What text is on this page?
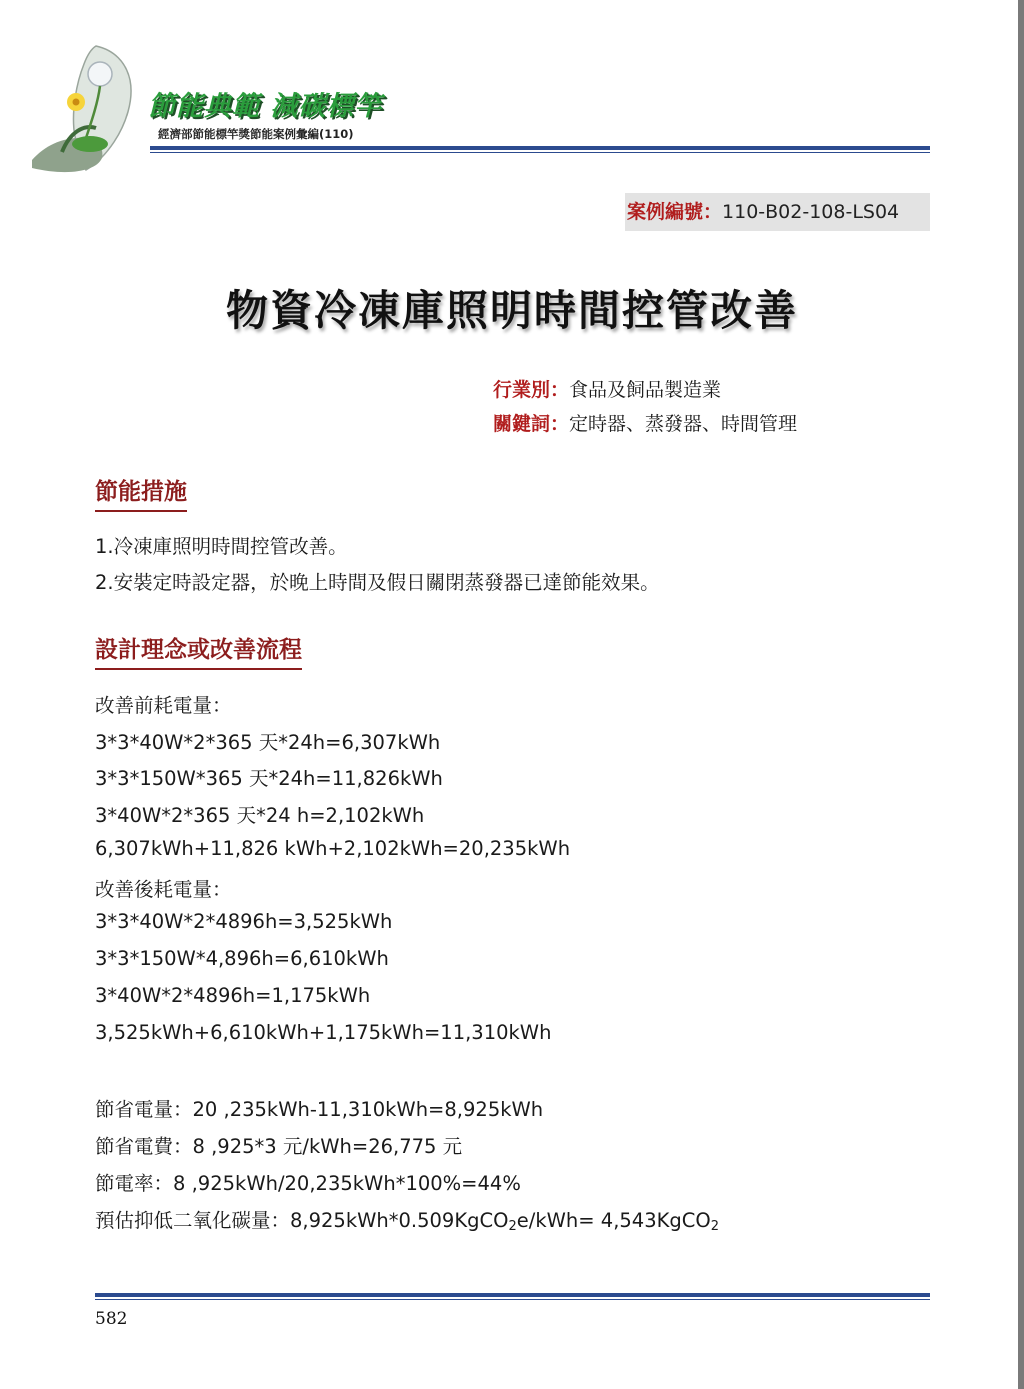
節能典範 減碳標竿
經濟部節能標竿獎節能案例彙編(110)
案例編號：110-B02-108-LS04
物資冷凍庫照明時間控管改善
行業別：食品及飼品製造業
關鍵詞：定時器、蒸發器、時間管理
節能措施
1.冷凍庫照明時間控管改善。
2.安裝定時設定器，於晚上時間及假日關閉蒸發器已達節能效果。
設計理念或改善流程
改善前耗電量：
3*3*40W*2*365 天*24h=6,307kWh
3*3*150W*365 天*24h=11,826kWh
3*40W*2*365 天*24 h=2,102kWh
6,307kWh+11,826 kWh+2,102kWh=20,235kWh
改善後耗電量：
3*3*40W*2*4896h=3,525kWh
3*3*150W*4,896h=6,610kWh
3*40W*2*4896h=1,175kWh
3,525kWh+6,610kWh+1,175kWh=11,310kWh
節省電量：20 ,235kWh-11,310kWh=8,925kWh
節省電費：8 ,925*3 元/kWh=26,775 元
節電率：8 ,925kWh/20,235kWh*100%=44%
預估抑低二氧化碳量：8,925kWh*0.509KgCO$_2$e/kWh= 4,543KgCO$_2$
582
